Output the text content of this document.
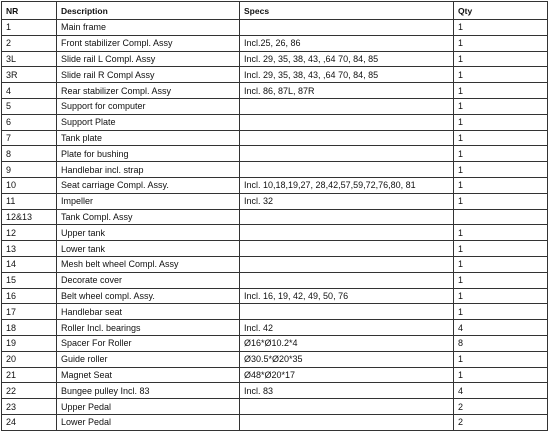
NR	Description	Specs	Qty
1	Main frame		1
2	Front stabilizer Compl. Assy	Incl.25, 26, 86	1
3L	Slide rail L Compl. Assy	Incl. 29, 35, 38, 43, ,64 70, 84, 85	1
3R	Slide rail R Compl Assy	Incl. 29, 35, 38, 43, ,64 70, 84, 85	1
4	Rear stabilizer Compl. Assy	Incl. 86, 87L, 87R	1
5	Support for computer		1
6	Support Plate		1
7	Tank plate		1
8	Plate for bushing		1
9	Handlebar incl. strap		1
10	Seat carriage Compl. Assy.	Incl. 10,18,19,27, 28,42,57,59,72,76,80, 81	1
11	Impeller	Incl. 32	1
12&13	Tank Compl. Assy		
12	Upper tank		1
13	Lower tank		1
14	Mesh belt wheel Compl. Assy		1
15	Decorate cover		1
16	Belt wheel compl. Assy.	Incl. 16, 19, 42, 49, 50, 76	1
17	Handlebar seat		1
18	Roller Incl. bearings	Incl. 42	4
19	Spacer For Roller	Ø16*Ø10.2*4	8
20	Guide roller	Ø30.5*Ø20*35	1
21	Magnet Seat	Ø48*Ø20*17	1
22	Bungee pulley Incl. 83	Incl. 83	4
23	Upper Pedal		2
24	Lower Pedal		2
